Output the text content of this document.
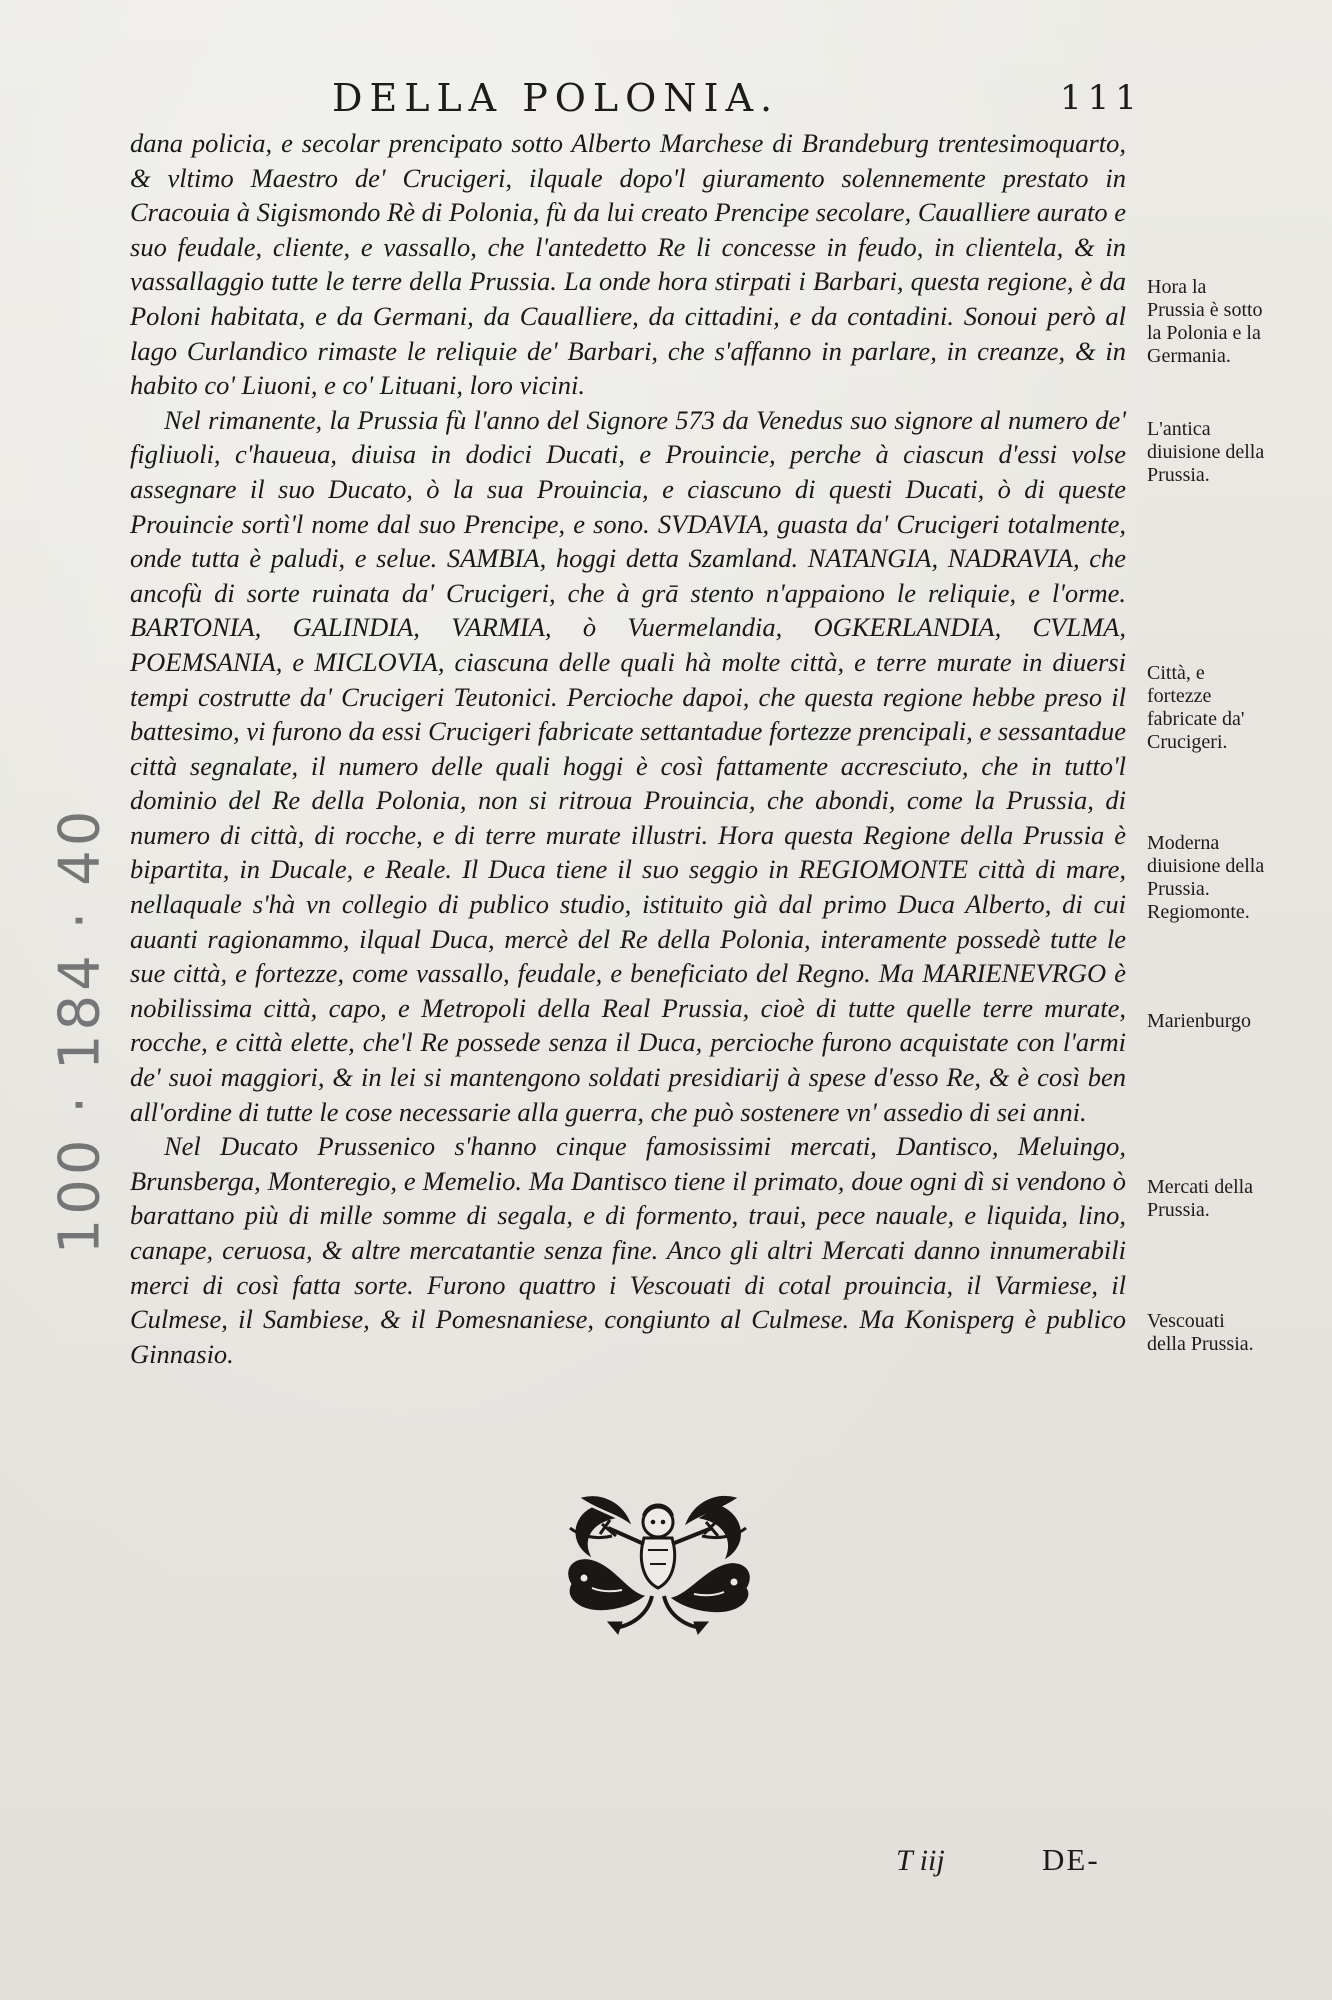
DELLA POLONIA.	111

dana policia, e secolar prencipato sotto Alberto Marchese di Brandeburg trentesimoquarto, & vltimo Maestro de' Crucigeri, ilquale dopo'l giuramento solennemente prestato in Cracouia à Sigismondo Rè di Polonia, fù da lui creato Prencipe secolare, Caualliere aurato e suo feudale, cliente, e vassallo, che l'antedetto Re li concesse in feudo, in clientela, & in vassallaggio tutte le terre della Prussia. La onde hora stirpati i Barbari, questa regione, è da Poloni habitata, e da Germani, da Caualliere, da cittadini, e da contadini. Sonoui però al lago Curlandico rimaste le reliquie de' Barbari, che s'affanno in parlare, in creanze, & in habito co' Liuoni, e co' Lituani, loro vicini.

Nel rimanente, la Prussia fù l'anno del Signore 573 da Venedus suo signore al numero de' figliuoli, c'haueua, diuisa in dodici Ducati, e Prouincie, perche à ciascun d'essi volse assegnare il suo Ducato, ò la sua Prouincia, e ciascuno di questi Ducati, ò di queste Prouincie sortì'l nome dal suo Prencipe, e sono. SVDAVIA, guasta da' Crucigeri totalmente, onde tutta è paludi, e selue. SAMBIA, hoggi detta Szamland. NATANGIA, NADRAVIA, che ancofù di sorte ruinata da' Crucigeri, che à grā stento n'appaiono le reliquie, e l'orme. BARTONIA, GALINDIA, VARMIA, ò Vuermelandia, OGKERLANDIA, CVLMA, POEMSANIA, e MICLOVIA, ciascuna delle quali hà molte città, e terre murate in diuersi tempi costrutte da' Crucigeri Teutonici. Percioche dapoi, che questa regione hebbe preso il battesimo, vi furono da essi Crucigeri fabricate settantadue fortezze prencipali, e sessantadue città segnalate, il numero delle quali hoggi è così fattamente accresciuto, che in tutto'l dominio del Re della Polonia, non si ritroua Prouincia, che abondi, come la Prussia, di numero di città, di rocche, e di terre murate illustri. Hora questa Regione della Prussia è bipartita, in Ducale, e Reale. Il Duca tiene il suo seggio in REGIOMONTE città di mare, nellaquale s'hà vn collegio di publico studio, istituito già dal primo Duca Alberto, di cui auanti ragionammo, ilqual Duca, mercè del Re della Polonia, interamente possedè tutte le sue città, e fortezze, come vassallo, feudale, e beneficiato del Regno. Ma MARIENEVRGO è nobilissima città, capo, e Metropoli della Real Prussia, cioè di tutte quelle terre murate, rocche, e città elette, che'l Re possede senza il Duca, percioche furono acquistate con l'armi de' suoi maggiori, & in lei si mantengono soldati presidiarij à spese d'esso Re, & è così ben all'ordine di tutte le cose necessarie alla guerra, che può sostenere vn' assedio di sei anni.

Nel Ducato Prussenico s'hanno cinque famosissimi mercati, Dantisco, Meluingo, Brunsberga, Monteregio, e Memelio. Ma Dantisco tiene il primato, doue ogni dì si vendono ò barattano più di mille somme di segala, e di formento, traui, pece nauale, e liquida, lino, canape, ceruosa, & altre mercatantie senza fine. Anco gli altri Mercati danno innumerabili merci di così fatta sorte. Furono quattro i Vescouati di cotal prouincia, il Varmiese, il Culmese, il Sambiese, & il Pomesnaniese, congiunto al Culmese. Ma Konisperg è publico Ginnasio.

Hora la Prussia è sotto la Polonia e la Germania.

L'antica diuisione della Prussia.

Città, e fortezze fabricate da' Crucigeri.

Moderna diuisione della Prussia. Regiomonte.

Marienburgo

Mercati della Prussia.

Vescouati della Prussia.

100 · 184 · 40
T iij	DE-
